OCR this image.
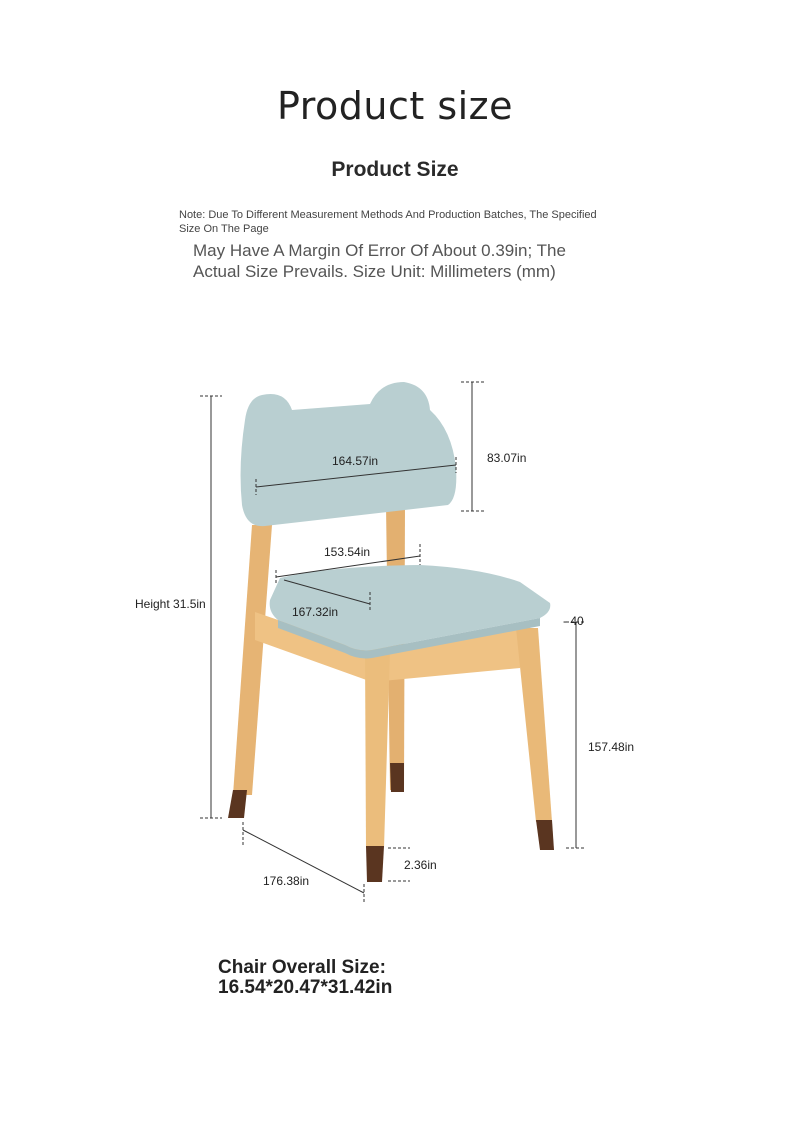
Product size
Product Size
Note: Due To Different Measurement Methods And Production Batches, The Specified Size On The Page
May Have A Margin Of Error Of About 0.39in; The Actual Size Prevails. Size Unit: Millimeters (mm)
Height 31.5in
164.57in	83.07in
153.54in
167.32in
- 40
157.48in
2.36in
176.38in
Chair Overall Size:
16.54*20.47*31.42in
